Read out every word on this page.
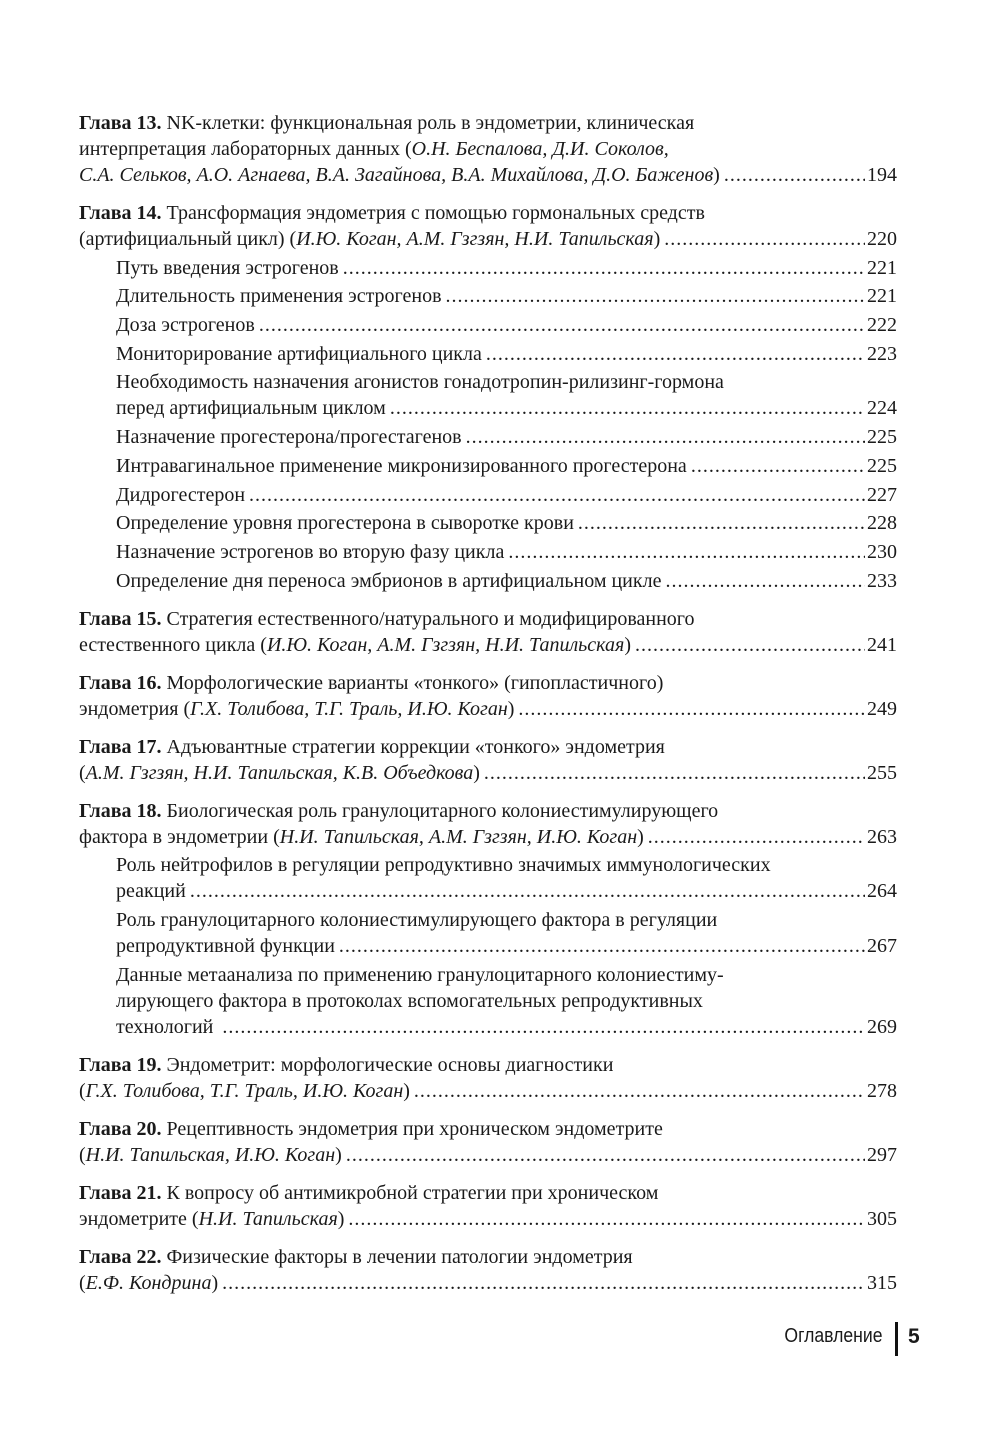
Глава 13. NK-клетки: функциональная роль в эндометрии, клиническая
интерпретация лабораторных данных ( О.Н. Беспалова, Д.И. Соколов,
С.А. Сельков, А.О. Агнаева, В.А. Загайнова, В.А. Михайлова, Д.О. Баженов ) .....	194
Глава 14. Трансформация эндометрия с помощью гормональных средств
(артифициальный цикл) ( И.Ю. Коган, А.М. Гзгзян, Н.И. Тапильская ) .....	220
Путь введения эстрогенов .....	221
Длительность применения эстрогенов .....	221
Доза эстрогенов .....	222
Мониторирование артифициального цикла .....	223
Необходимость назначения агонистов гонадотропин-рилизинг-гормона
перед артифициальным циклом .....	224
Назначение прогестерона/прогестагенов .....	225
Интравагинальное применение микронизированного прогестерона .....	225
Дидрогестерон .....	227
Определение уровня прогестерона в сыворотке крови .....	228
Назначение эстрогенов во вторую фазу цикла .....	230
Определение дня переноса эмбрионов в артифициальном цикле .....	233
Глава 15. Стратегия естественного/натурального и модифицированного
естественного цикла ( И.Ю. Коган, А.М. Гзгзян, Н.И. Тапильская ) .....	241
Глава 16. Морфологические варианты «тонкого» (гипопластичного)
эндометрия ( Г.Х. Толибова, Т.Г. Траль, И.Ю. Коган ) .....	249
Глава 17. Адъювантные стратегии коррекции «тонкого» эндометрия
( А.М. Гзгзян, Н.И. Тапильская, К.В. Объедкова ) .....	255
Глава 18. Биологическая роль гранулоцитарного колониестимулирующего
фактора в эндометрии ( Н.И. Тапильская, А.М. Гзгзян, И.Ю. Коган ) .....	263
Роль нейтрофилов в регуляции репродуктивно значимых иммунологических
реакций .....	264
Роль гранулоцитарного колониестимулирующего фактора в регуляции
репродуктивной функции .....	267
Данные метаанализа по применению гранулоцитарного колониестиму-
лирующего фактора в протоколах вспомогательных репродуктивных
технологий .....	269
Глава 19. Эндометрит: морфологические основы диагностики
( Г.Х. Толибова, Т.Г. Траль, И.Ю. Коган ) .....	278
Глава 20. Рецептивность эндометрия при хроническом эндометрите
( Н.И. Тапильская, И.Ю. Коган ) .....	297
Глава 21. К вопросу об антимикробной стратегии при хроническом
эндометрите ( Н.И. Тапильская ) .....	305
Глава 22. Физические факторы в лечении патологии эндометрия
( Е.Ф. Кондрина ) .....	315
Оглавление 5
